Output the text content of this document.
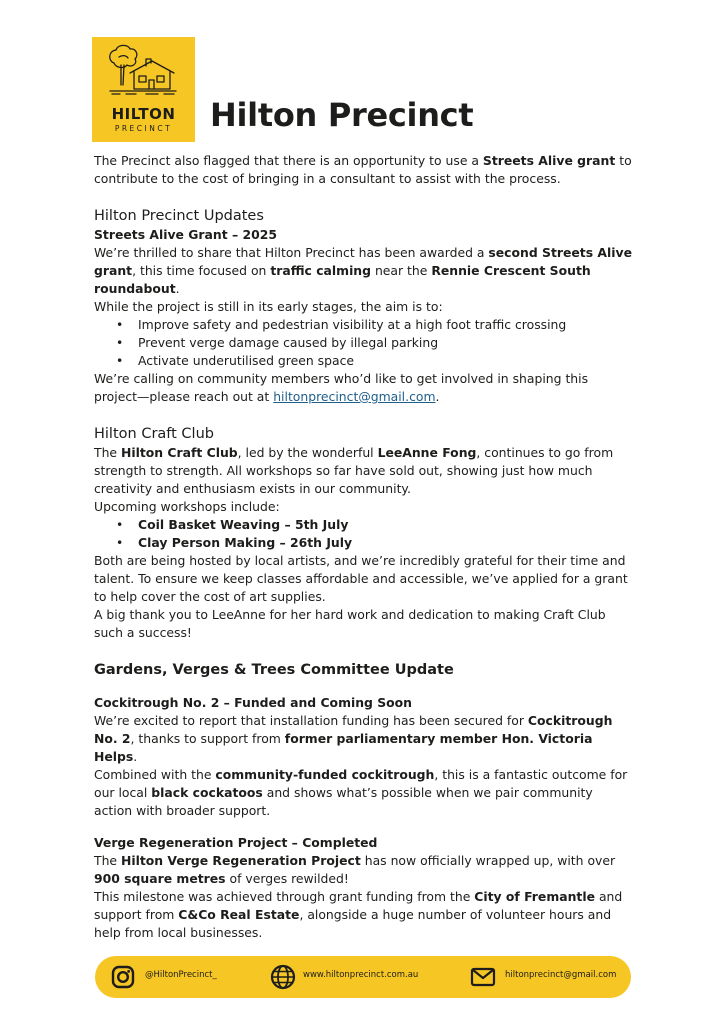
HILTON
PRECINCT	Hilton Precinct

The Precinct also flagged that there is an opportunity to use a Streets Alive grant to contribute to the cost of bringing in a consultant to assist with the process.

Hilton Precinct Updates

Streets Alive Grant – 2025

We’re thrilled to share that Hilton Precinct has been awarded a second Streets Alive grant, this time focused on traffic calming near the Rennie Crescent South roundabout.

While the project is still in its early stages, the aim is to:

• Improve safety and pedestrian visibility at a high foot traffic crossing
• Prevent verge damage caused by illegal parking
• Activate underutilised green space

We’re calling on community members who’d like to get involved in shaping this project—please reach out at hiltonprecinct@gmail.com.

Hilton Craft Club

The Hilton Craft Club, led by the wonderful LeeAnne Fong, continues to go from strength to strength. All workshops so far have sold out, showing just how much creativity and enthusiasm exists in our community.

Upcoming workshops include:

• Coil Basket Weaving – 5th July
• Clay Person Making – 26th July

Both are being hosted by local artists, and we’re incredibly grateful for their time and talent. To ensure we keep classes affordable and accessible, we’ve applied for a grant to help cover the cost of art supplies.

A big thank you to LeeAnne for her hard work and dedication to making Craft Club such a success!

Gardens, Verges & Trees Committee Update

Cockitrough No. 2 – Funded and Coming Soon

We’re excited to report that installation funding has been secured for Cockitrough No. 2, thanks to support from former parliamentary member Hon. Victoria Helps.

Combined with the community-funded cockitrough, this is a fantastic outcome for our local black cockatoos and shows what’s possible when we pair community action with broader support.

Verge Regeneration Project – Completed

The Hilton Verge Regeneration Project has now officially wrapped up, with over 900 square metres of verges rewilded!

This milestone was achieved through grant funding from the City of Fremantle and support from C&Co Real Estate, alongside a huge number of volunteer hours and help from local businesses.

@HiltonPrecinct_	www.hiltonprecinct.com.au	hiltonprecinct@gmail.com
